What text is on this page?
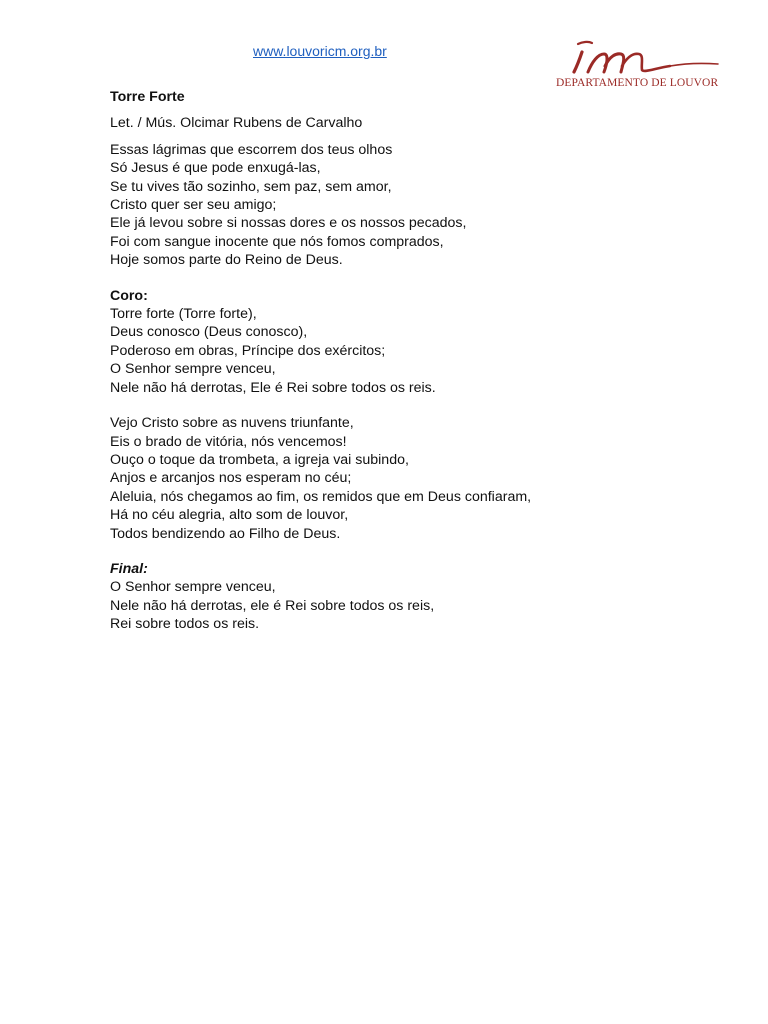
www.louvoricm.org.br
DEPARTAMENTO DE LOUVOR
Torre Forte
Let. / Mús. Olcimar Rubens de Carvalho
Essas lágrimas que escorrem dos teus olhos
Só Jesus é que pode enxugá-las,
Se tu vives tão sozinho, sem paz, sem amor,
Cristo quer ser seu amigo;
Ele já levou sobre si nossas dores e os nossos pecados,
Foi com sangue inocente que nós fomos comprados,
Hoje somos parte do Reino de Deus.
Coro:
Torre forte (Torre forte),
Deus conosco (Deus conosco),
Poderoso em obras, Príncipe dos exércitos;
O Senhor sempre venceu,
Nele não há derrotas, Ele é Rei sobre todos os reis.
Vejo Cristo sobre as nuvens triunfante,
Eis o brado de vitória, nós vencemos!
Ouço o toque da trombeta, a igreja vai subindo,
Anjos e arcanjos nos esperam no céu;
Aleluia, nós chegamos ao fim, os remidos que em Deus confiaram,
Há no céu alegria, alto som de louvor,
Todos bendizendo ao Filho de Deus.
Final:
O Senhor sempre venceu,
Nele não há derrotas, ele é Rei sobre todos os reis,
Rei sobre todos os reis.
